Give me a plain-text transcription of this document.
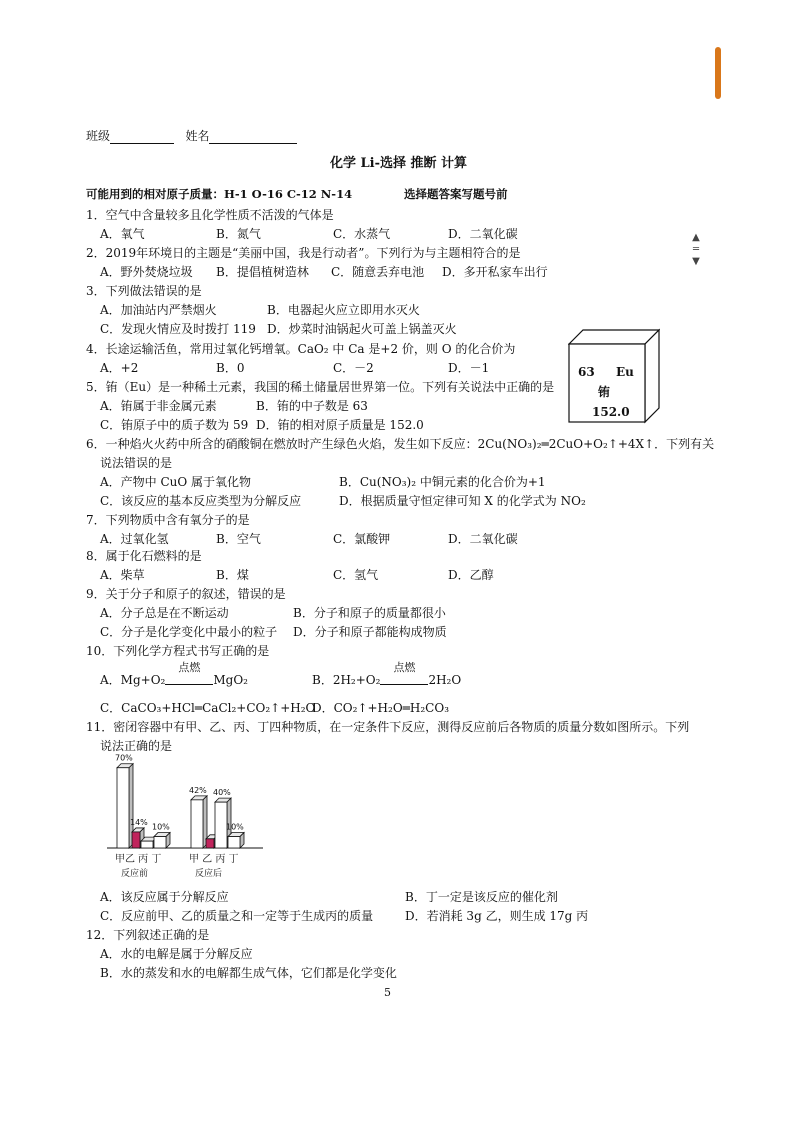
▲
═
▼
班级	姓名
化学 Li-选择 推断 计算
可能用到的相对原子质量：H-1 O-16 C-12 N-14	选择题答案写题号前
1．空气中含量较多且化学性质不活泼的气体是
A．氧气	B．氮气	C．水蒸气	D．二氧化碳
2．2019年环境日的主题是“美丽中国，我是行动者”。下列行为与主题相符合的是
A．野外焚烧垃圾 B．提倡植树造林 C．随意丢弃电池 D．多开私家车出行
3．下列做法错误的是
A．加油站内严禁烟火	B．电器起火应立即用水灭火
C．发现火情应及时拨打 119 D．炒菜时油锅起火可盖上锅盖灭火
4．长途运输活鱼，常用过氧化钙增氧。CaO₂ 中 Ca 是+2 价，则 O 的化合价为
A．+2	B．0	C．－2	D．－1	63 Eu
铕
152.0
5．铕（Eu）是一种稀土元素，我国的稀土储量居世界第一位。下列有关说法中正确的是
A．铕属于非金属元素	B．铕的中子数是 63
C．铕原子中的质子数为 59 D．铕的相对原子质量是 152.0
6．一种焰火火药中所含的硝酸铜在燃放时产生绿色火焰，发生如下反应：2Cu(NO₃)₂═2CuO+O₂↑+4X↑．下列有关
说法错误的是
A．产物中 CuO 属于氧化物	B．Cu(NO₃)₂ 中铜元素的化合价为+1
C．该反应的基本反应类型为分解反应	D．根据质量守恒定律可知 X 的化学式为 NO₂
7．下列物质中含有氧分子的是
A．过氧化氢	B．空气	C．氯酸钾	D．二氧化碳
8．属于化石燃料的是
A．柴草	B．煤	C．氢气	D．乙醇
9．关于分子和原子的叙述，错误的是
A．分子总是在不断运动	B．分子和原子的质量都很小
C．分子是化学变化中最小的粒子 D．分子和原子都能构成物质
10．下列化学方程式书写正确的是
A．Mg+O₂
点燃
MgO₂	B．2H₂+O₂
点燃
2H₂O
C．CaCO₃+HCl═CaCl₂+CO₂↑+H₂O
D．CO₂↑+H₂O═H₂CO₃
11．密闭容器中有甲、乙、丙、丁四种物质，在一定条件下反应，测得反应前后各物质的质量分数如图所示。下列
说法正确的是
70%
14%
10%
甲乙 丙 丁
反应前
42% 40%
10%
甲 乙 丙 丁
反应后
A．该反应属于分解反应	B．丁一定是该反应的催化剂
C．反应前甲、乙的质量之和一定等于生成丙的质量	D．若消耗 3g 乙，则生成 17g 丙
12．下列叙述正确的是
A．水的电解是属于分解反应
B．水的蒸发和水的电解都生成气体，它们都是化学变化
5
